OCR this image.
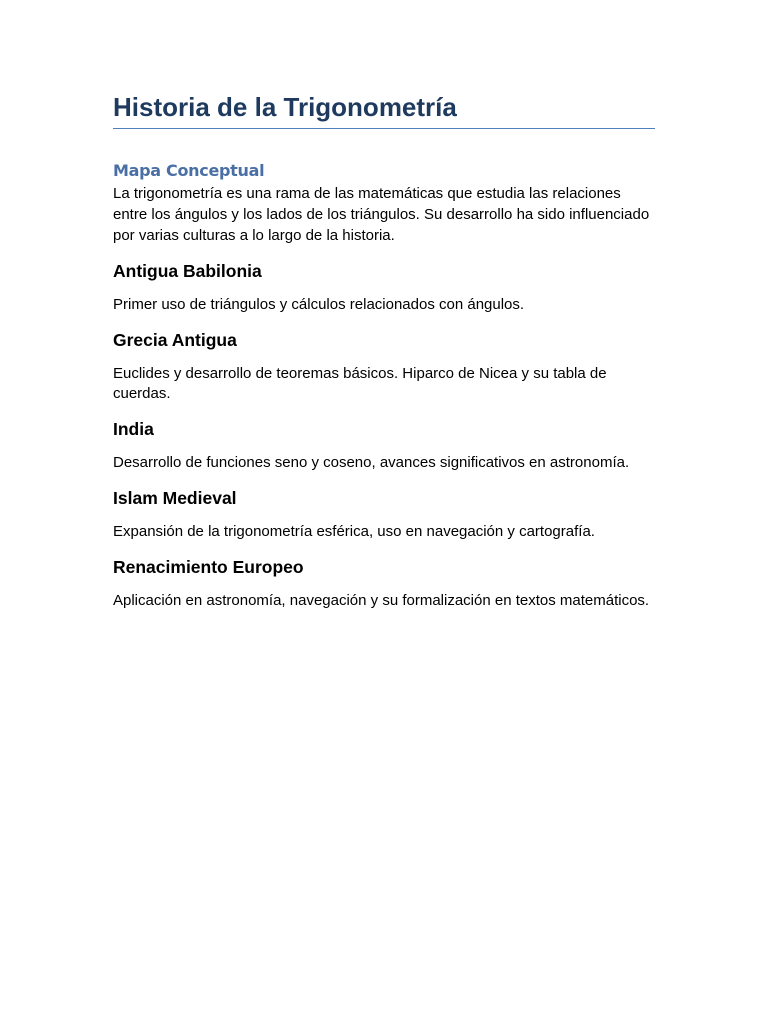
Historia de la Trigonometría
Mapa Conceptual

La trigonometría es una rama de las matemáticas que estudia las relaciones entre los ángulos y los lados de los triángulos. Su desarrollo ha sido influenciado por varias culturas a lo largo de la historia.

Antigua Babilonia

Primer uso de triángulos y cálculos relacionados con ángulos.

Grecia Antigua

Euclides y desarrollo de teoremas básicos. Hiparco de Nicea y su tabla de cuerdas.

India

Desarrollo de funciones seno y coseno, avances significativos en astronomía.

Islam Medieval

Expansión de la trigonometría esférica, uso en navegación y cartografía.

Renacimiento Europeo

Aplicación en astronomía, navegación y su formalización en textos matemáticos.
